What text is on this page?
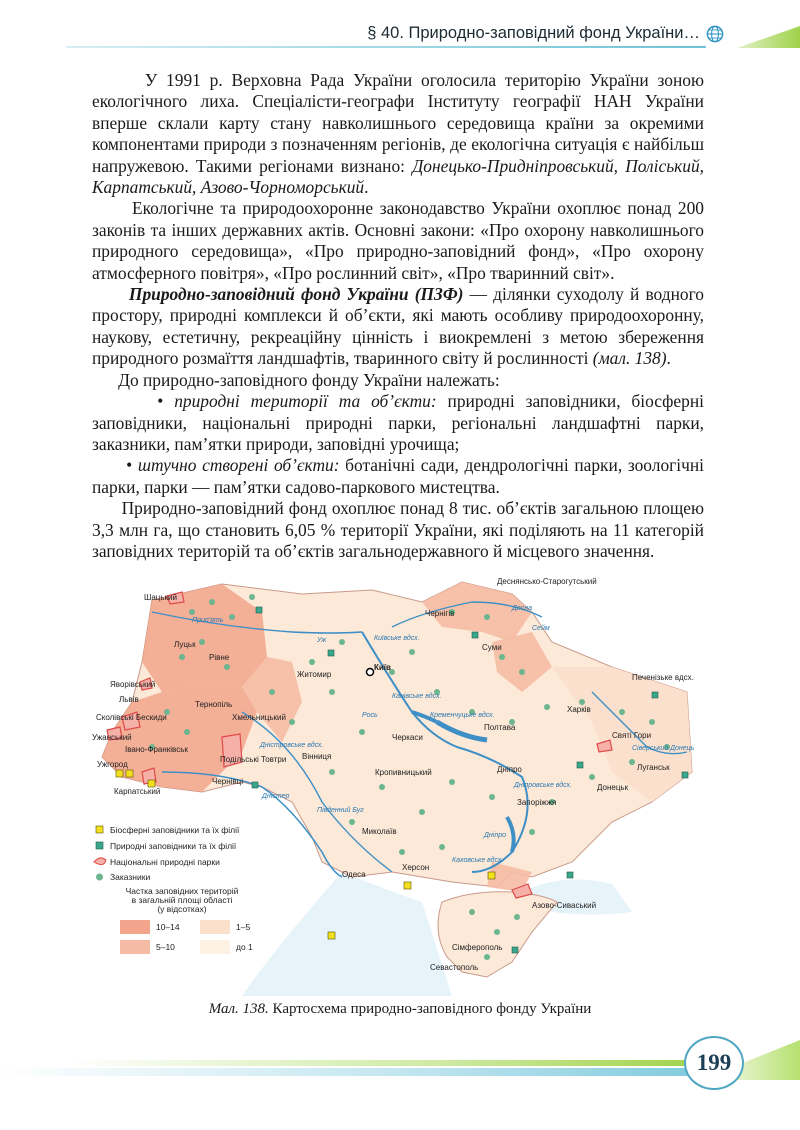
§ 40. Природно-заповідний фонд України…

У 1991 р. Верховна Рада України оголосила територію України зоною екологічного лиха. Спеціалісти-географи Інституту географії НАН України вперше склали карту стану навколишнього середовища країни за окремими компонентами природи з позначенням регіонів, де екологічна ситуація є найбільш напружевою. Такими регіонами визнано: Донецько-Придніпровський, Поліський, Карпатський, Азово-Чорноморський.

Екологічне та природоохоронне законодавство України охоплює понад 200 законів та інших державних актів. Основні закони: «Про охорону навколишнього природного середовища», «Про природно-заповідний фонд», «Про охорону атмосферного повітря», «Про рослинний світ», «Про тваринний світ».

Природно-заповідний фонд України (ПЗФ) — ділянки суходолу й водного простору, природні комплекси й об’єкти, які мають особливу природоохоронну, наукову, естетичну, рекреаційну цінність і виокремлені з метою збереження природного розмаїття ландшафтів, тваринного світу й рослинності (мал. 138).

До природно-заповідного фонду України належать:

• природні території та об’єкти: природні заповідники, біосферні заповідники, національні природні парки, регіональні ландшафтні парки, заказники, пам’ятки природи, заповідні урочища;

• штучно створені об’єкти: ботанічні сади, дендрологічні парки, зоологічні парки, парки — пам’ятки садово-паркового мистецтва.

Природно-заповідний фонд охоплює понад 8 тис. об’єктів загальною площею 3,3 млн га, що становить 6,05 % території України, які поділяють на 11 категорій заповідних територій та об’єктів загальнодержавного й місцевого значення.

Київ
Житомир
Рівне
Луцьк
Львів
Тернопіль
Хмельницький
Вінниця
Івано-Франківськ
Ужгород
Чернівці
Чернігів
Суми
Полтава
Харків
Черкаси
Кропивницький	Дніпро
Запоріжжя
Донецьк
Луганськ
Миколаїв
Одеса
Херсон
Сімферополь
Севастополь
Шацький
Яворівський
Сколівські Бескиди
Ужанський
Карпатський
Подільські Товтри
Деснянсько-Старогутський
Печенізьке вдсх.
Азово-Сиваський
Святі Гори
Прип’ять
Дніпро
Дністер
Десна
Сейм
Південний Буг
Сіверський Донець
Рось
Уж	Київське вдсх.
Канівське вдсх.
Кременчуцьке вдсх.
Дніпровське вдсх.
Каховське вдсх.
Дністровське вдсх.
Біосферні заповідники та їх філії
Природні заповідники та їх філії
Національні природні парки
Заказники
Частка заповідних територій
в загальній площі області
(у відсотках)
10–14
5–10
1–5
до 1
Мал. 138. Картосхема природно-заповідного фонду України
199
